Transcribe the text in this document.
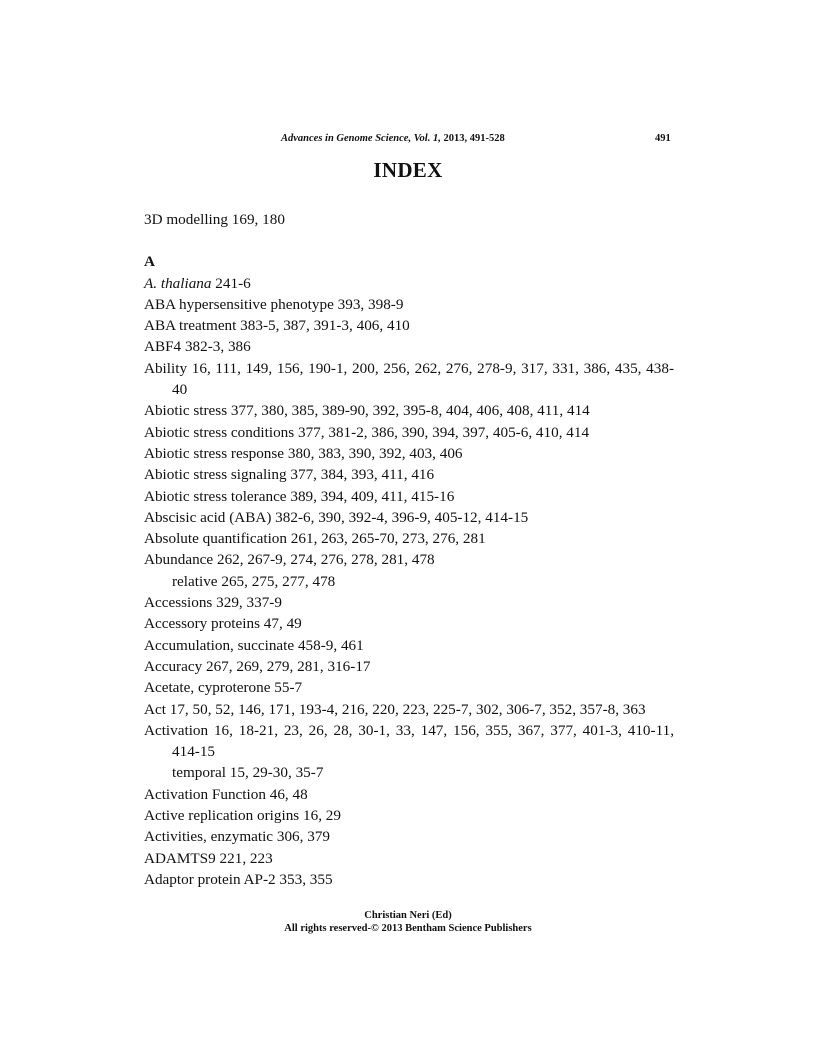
Advances in Genome Science, Vol. 1, 2013, 491-528	491
INDEX

3D modelling 169, 180

A

A. thaliana 241-6

ABA hypersensitive phenotype 393, 398-9

ABA treatment 383-5, 387, 391-3, 406, 410

ABF4 382-3, 386

Ability 16, 111, 149, 156, 190-1, 200, 256, 262, 276, 278-9, 317, 331, 386, 435, 438-40

Abiotic stress 377, 380, 385, 389-90, 392, 395-8, 404, 406, 408, 411, 414

Abiotic stress conditions 377, 381-2, 386, 390, 394, 397, 405-6, 410, 414

Abiotic stress response 380, 383, 390, 392, 403, 406

Abiotic stress signaling 377, 384, 393, 411, 416

Abiotic stress tolerance 389, 394, 409, 411, 415-16

Abscisic acid (ABA) 382-6, 390, 392-4, 396-9, 405-12, 414-15

Absolute quantification 261, 263, 265-70, 273, 276, 281

Abundance 262, 267-9, 274, 276, 278, 281, 478

relative 265, 275, 277, 478

Accessions 329, 337-9

Accessory proteins 47, 49

Accumulation, succinate 458-9, 461

Accuracy 267, 269, 279, 281, 316-17

Acetate, cyproterone 55-7

Act 17, 50, 52, 146, 171, 193-4, 216, 220, 223, 225-7, 302, 306-7, 352, 357-8, 363

Activation 16, 18-21, 23, 26, 28, 30-1, 33, 147, 156, 355, 367, 377, 401-3, 410-11, 414-15

temporal 15, 29-30, 35-7

Activation Function 46, 48

Active replication origins 16, 29

Activities, enzymatic 306, 379

ADAMTS9 221, 223

Adaptor protein AP-2 353, 355

Christian Neri (Ed)
All rights reserved-© 2013 Bentham Science Publishers
